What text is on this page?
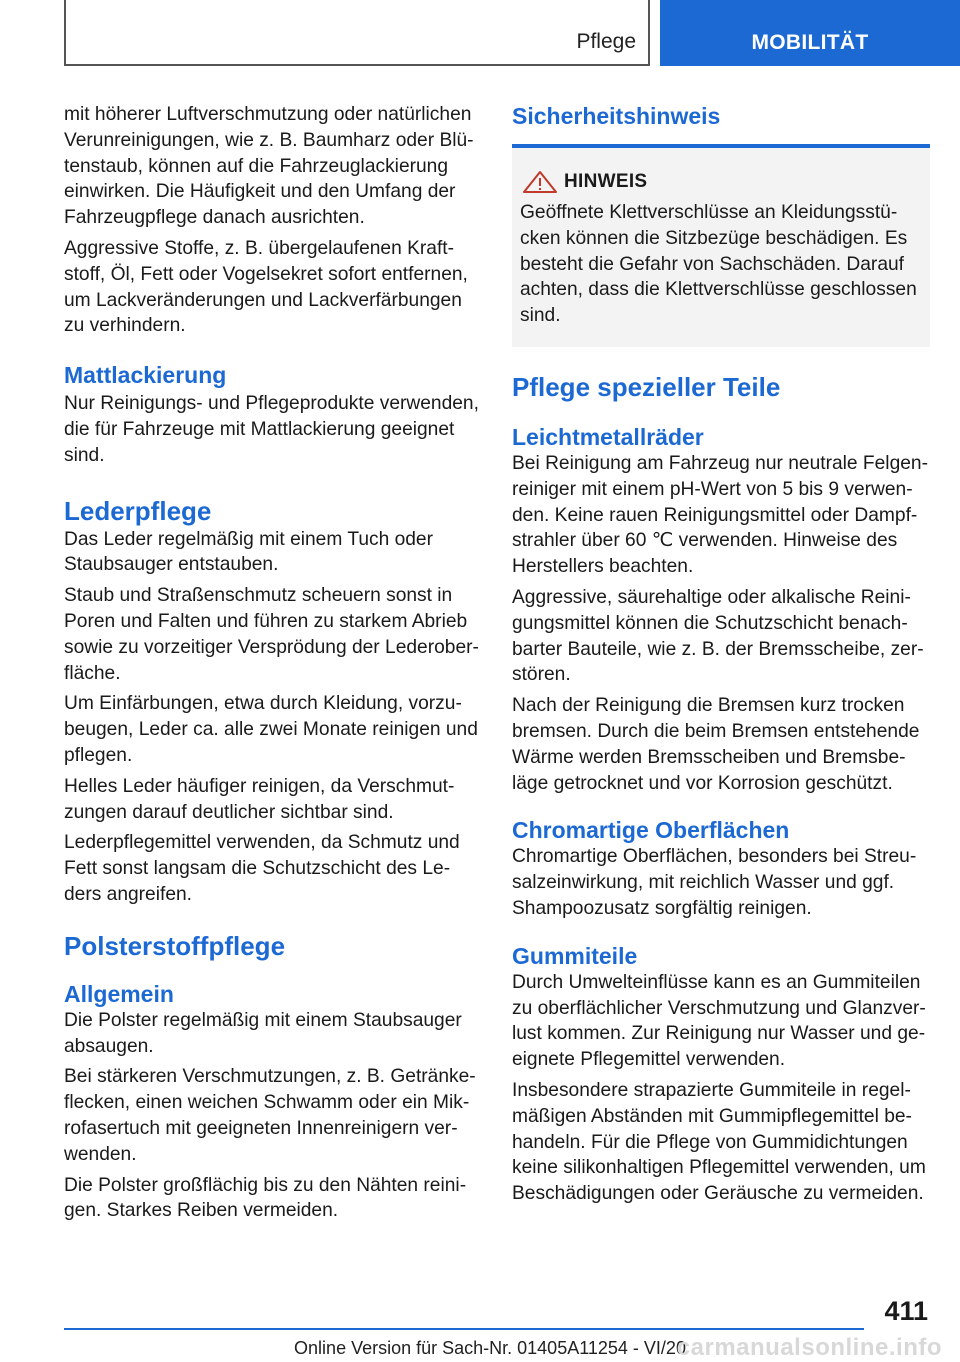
Pflege	MOBILITÄT

mit höherer Luftverschmutzung oder natürlichen Verunreinigungen, wie z. B. Baumharz oder Blütenstaub, können auf die Fahrzeuglackierung einwirken. Die Häufigkeit und den Umfang der Fahrzeugpflege danach ausrichten.

Aggressive Stoffe, z. B. übergelaufenen Kraftstoff, Öl, Fett oder Vogelsekret sofort entfernen, um Lackveränderungen und Lackverfärbungen zu verhindern.

Mattlackierung

Nur Reinigungs- und Pflegeprodukte verwenden, die für Fahrzeuge mit Mattlackierung geeignet sind.

Lederpflege

Das Leder regelmäßig mit einem Tuch oder Staubsauger entstauben.

Staub und Straßenschmutz scheuern sonst in Poren und Falten und führen zu starkem Abrieb sowie zu vorzeitiger Versprödung der Lederoberfläche.

Um Einfärbungen, etwa durch Kleidung, vorzubeugen, Leder ca. alle zwei Monate reinigen und pflegen.

Helles Leder häufiger reinigen, da Verschmutzungen darauf deutlicher sichtbar sind.

Lederpflegemittel verwenden, da Schmutz und Fett sonst langsam die Schutzschicht des Leders angreifen.

Polsterstoffpflege
Allgemein

Die Polster regelmäßig mit einem Staubsauger absaugen.

Bei stärkeren Verschmutzungen, z. B. Getränkeflecken, einen weichen Schwamm oder ein Mikrofasertuch mit geeigneten Innenreinigern verwenden.

Die Polster großflächig bis zu den Nähten reinigen. Starkes Reiben vermeiden.

Sicherheitshinweis
HINWEIS

Geöffnete Klettverschlüsse an Kleidungsstücken können die Sitzbezüge beschädigen. Es besteht die Gefahr von Sachschäden. Darauf achten, dass die Klettverschlüsse geschlossen sind.

Pflege spezieller Teile
Leichtmetallräder

Bei Reinigung am Fahrzeug nur neutrale Felgenreiniger mit einem pH-Wert von 5 bis 9 verwenden. Keine rauen Reinigungsmittel oder Dampfstrahler über 60 ℃ verwenden. Hinweise des Herstellers beachten.

Aggressive, säurehaltige oder alkalische Reinigungsmittel können die Schutzschicht benachbarter Bauteile, wie z. B. der Bremsscheibe, zerstören.

Nach der Reinigung die Bremsen kurz trocken bremsen. Durch die beim Bremsen entstehende Wärme werden Bremsscheiben und Bremsbeläge getrocknet und vor Korrosion geschützt.

Chromartige Oberflächen

Chromartige Oberflächen, besonders bei Streusalzeinwirkung, mit reichlich Wasser und ggf. Shampoozusatz sorgfältig reinigen.

Gummiteile

Durch Umwelteinflüsse kann es an Gummiteilen zu oberflächlicher Verschmutzung und Glanzverlust kommen. Zur Reinigung nur Wasser und geeignete Pflegemittel verwenden.

Insbesondere strapazierte Gummiteile in regelmäßigen Abständen mit Gummipflegemittel behandeln. Für die Pflege von Gummidichtungen keine silikonhaltigen Pflegemittel verwenden, um Beschädigungen oder Geräusche zu vermeiden.

411
Online Version für Sach-Nr. 01405A11254 - VI/20
carmanualsonline.info
